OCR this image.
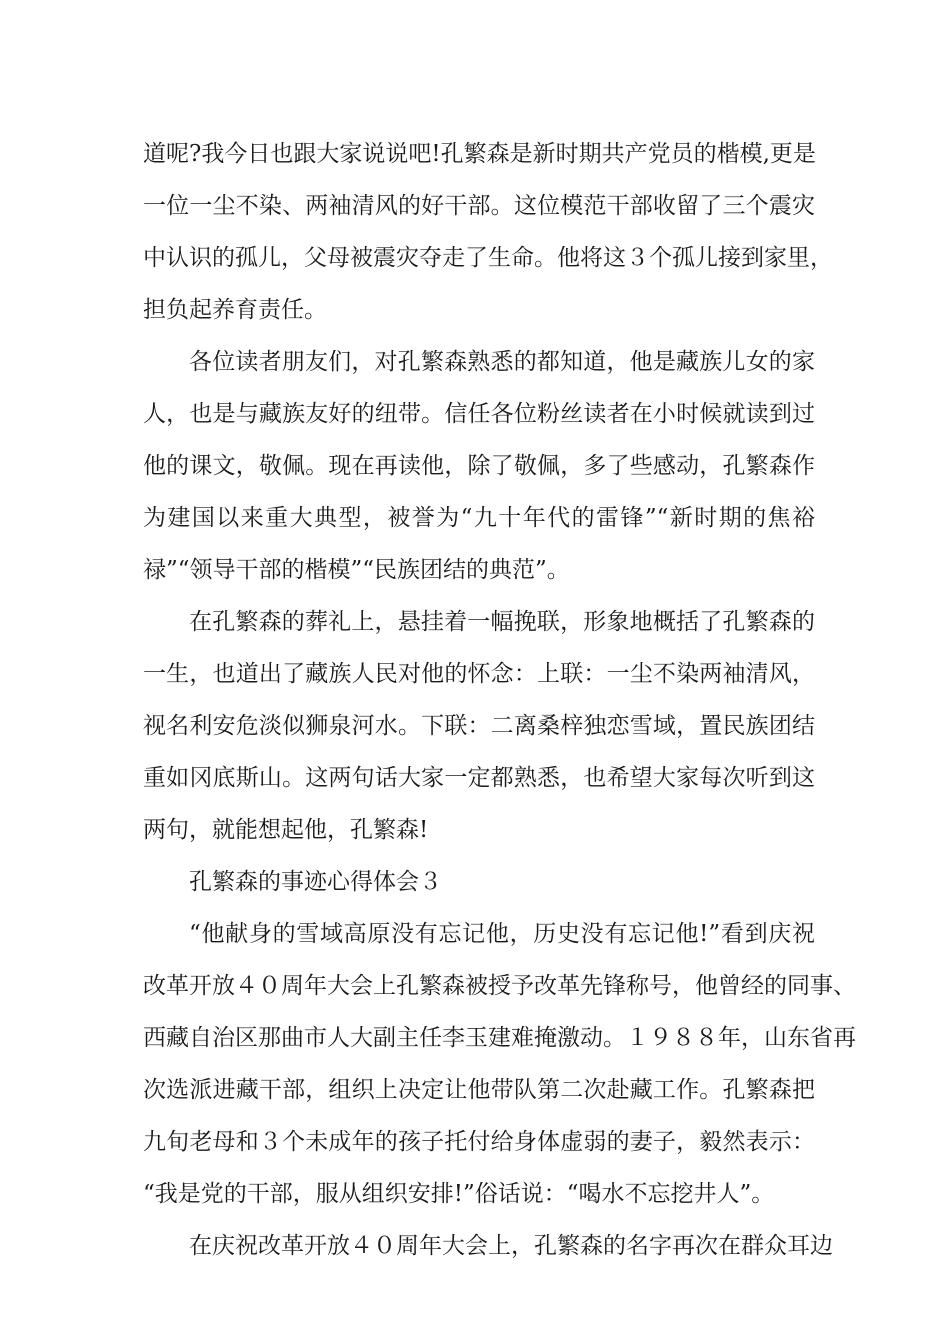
道呢?我今日也跟大家说说吧!孔繁森是新时期共产党员的楷模,更是
一位一尘不染、两袖清风的好干部。这位模范干部收留了三个震灾
中认识的孤儿，父母被震灾夺走了生命。他将这３个孤儿接到家里，
担负起养育责任。
各位读者朋友们，对孔繁森熟悉的都知道，他是藏族儿女的家
人，也是与藏族友好的纽带。信任各位粉丝读者在小时候就读到过
他的课文，敬佩。现在再读他，除了敬佩，多了些感动，孔繁森作
为建国以来重大典型，被誉为“九十年代的雷锋”“新时期的焦裕
禄”“领导干部的楷模”“民族团结的典范”。
在孔繁森的葬礼上，悬挂着一幅挽联，形象地概括了孔繁森的
一生，也道出了藏族人民对他的怀念：上联：一尘不染两袖清风，
视名利安危淡似狮泉河水。下联：二离桑梓独恋雪域，置民族团结
重如冈底斯山。这两句话大家一定都熟悉，也希望大家每次听到这
两句，就能想起他，孔繁森!
孔繁森的事迹心得体会３
“他献身的雪域高原没有忘记他，历史没有忘记他!”看到庆祝
改革开放４０周年大会上孔繁森被授予改革先锋称号，他曾经的同事、
西藏自治区那曲市人大副主任李玉建难掩激动。１９８８年，山东省再
次选派进藏干部，组织上决定让他带队第二次赴藏工作。孔繁森把
九旬老母和３个未成年的孩子托付给身体虚弱的妻子，毅然表示：
“我是党的干部，服从组织安排!”俗话说：“喝水不忘挖井人”。
在庆祝改革开放４０周年大会上，孔繁森的名字再次在群众耳边
